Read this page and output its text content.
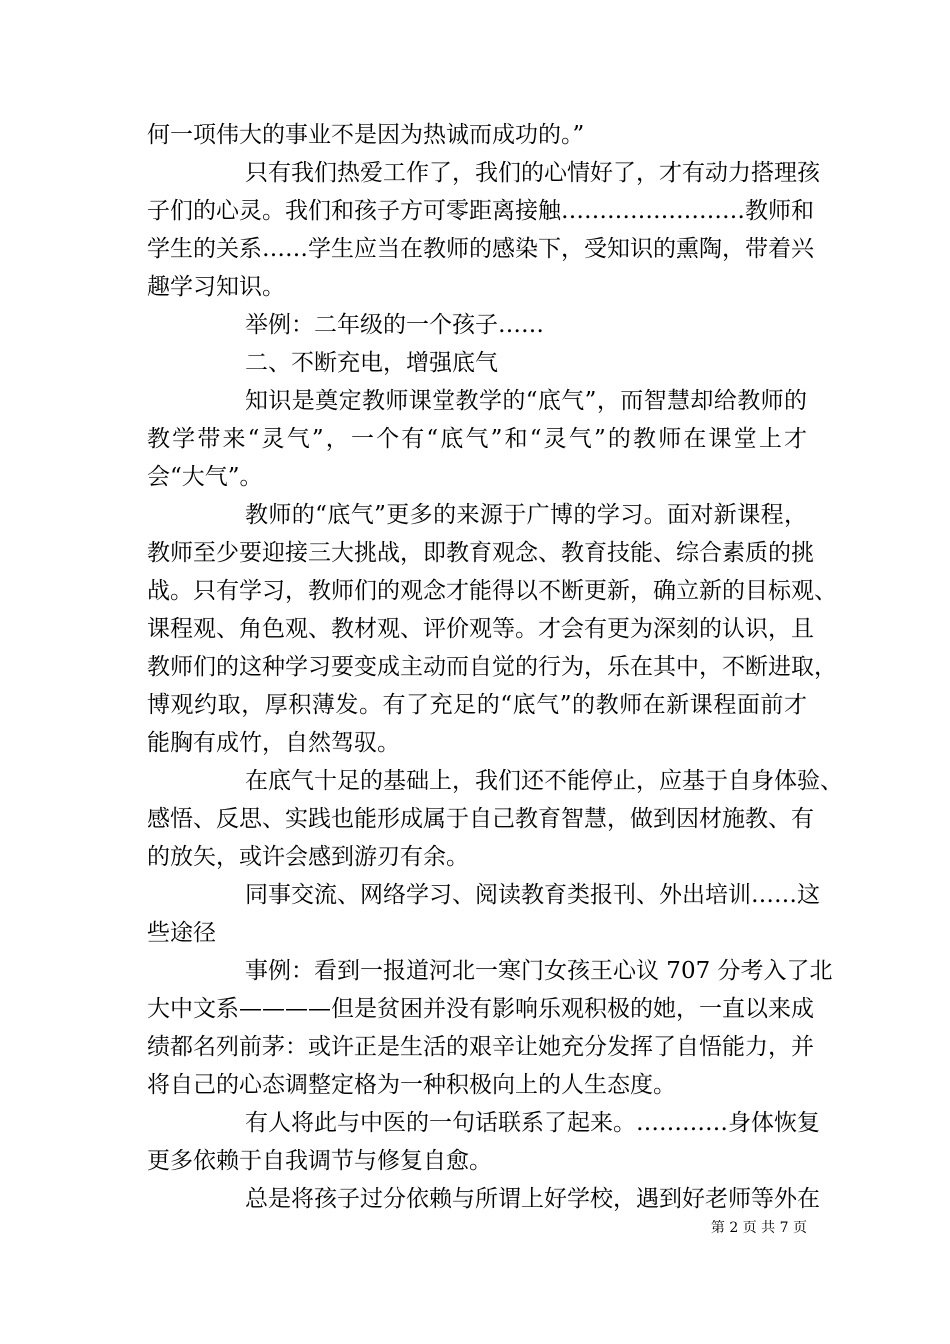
何一项伟大的事业不是因为热诚而成功的。”
只有我们热爱工作了，我们的心情好了，才有动力搭理孩
子们的心灵。我们和孩子方可零距离接触……………………教师和
学生的关系……学生应当在教师的感染下，受知识的熏陶，带着兴
趣学习知识。
举例：二年级的一个孩子……
二、不断充电，增强底气
知识是奠定教师课堂教学的“底气”，而智慧却给教师的
教学带来“灵气”，一个有“底气”和“灵气”的教师在课堂上才
会“大气”。
教师的“底气”更多的来源于广博的学习。面对新课程，
教师至少要迎接三大挑战，即教育观念、教育技能、综合素质的挑
战。只有学习，教师们的观念才能得以不断更新，确立新的目标观、
课程观、角色观、教材观、评价观等。才会有更为深刻的认识，且
教师们的这种学习要变成主动而自觉的行为，乐在其中，不断进取，
博观约取，厚积薄发。有了充足的“底气”的教师在新课程面前才
能胸有成竹，自然驾驭。
在底气十足的基础上，我们还不能停止，应基于自身体验、
感悟、反思、实践也能形成属于自己教育智慧，做到因材施教、有
的放矢，或许会感到游刃有余。
同事交流、网络学习、阅读教育类报刊、外出培训……这
些途径
事例：看到一报道河北一寒门女孩王心议 707 分考入了北
大中文系————但是贫困并没有影响乐观积极的她，一直以来成
绩都名列前茅：或许正是生活的艰辛让她充分发挥了自悟能力，并
将自己的心态调整定格为一种积极向上的人生态度。
有人将此与中医的一句话联系了起来。…………身体恢复
更多依赖于自我调节与修复自愈。
总是将孩子过分依赖与所谓上好学校，遇到好老师等外在
第 2 页 共 7 页
